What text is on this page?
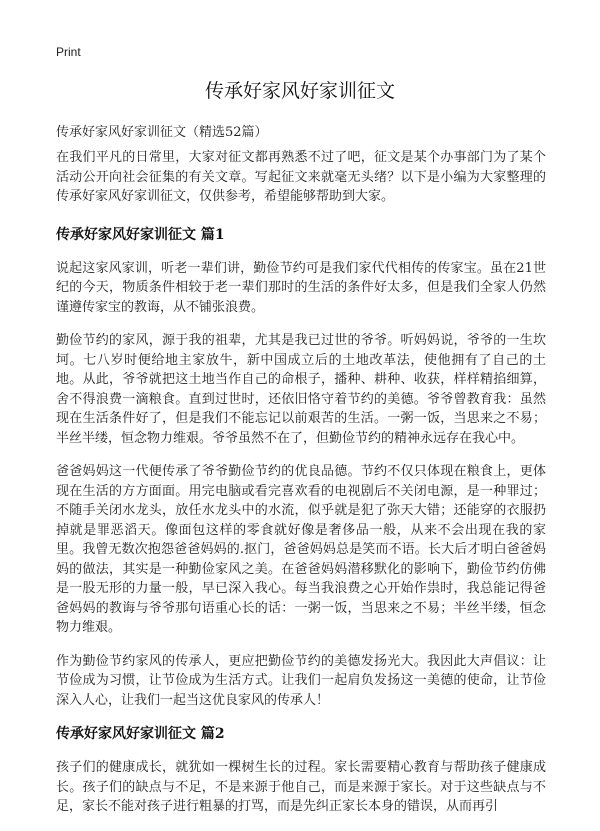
Print
传承好家风好家训征文

传承好家风好家训征文（精选52篇）

在我们平凡的日常里，大家对征文都再熟悉不过了吧，征文是某个办事部门为了某个活动公开向社会征集的有关文章。写起征文来就毫无头绪？以下是小编为大家整理的传承好家风好家训征文，仅供参考，希望能够帮助到大家。

传承好家风好家训征文 篇1

说起这家风家训，听老一辈们讲，勤俭节约可是我们家代代相传的传家宝。虽在21世纪的今天，物质条件相较于老一辈们那时的生活的条件好太多，但是我们全家人仍然谨遵传家宝的教诲，从不铺张浪费。

勤俭节约的家风，源于我的祖辈，尤其是我已过世的爷爷。听妈妈说，爷爷的一生坎坷。七八岁时便给地主家放牛，新中国成立后的土地改革法，使他拥有了自己的土地。从此，爷爷就把这土地当作自己的命根子，播种、耕种、收获，样样精掐细算，舍不得浪费一滴粮食。直到过世时，还依旧恪守着节约的美德。爷爷曾教育我：虽然现在生活条件好了，但是我们不能忘记以前艰苦的生活。一粥一饭，当思来之不易；半丝半缕，恒念物力维艰。爷爷虽然不在了，但勤俭节约的精神永远存在我心中。

爸爸妈妈这一代便传承了爷爷勤俭节约的优良品德。节约不仅只体现在粮食上，更体现在生活的方方面面。用完电脑或看完喜欢看的电视剧后不关闭电源，是一种罪过；不随手关闭水龙头，放任水龙头中的水流，似乎就是犯了弥天大错；还能穿的衣服扔掉就是罪恶滔天。像面包这样的零食就好像是奢侈品一般，从来不会出现在我的家里。我曾无数次抱怨爸爸妈妈的.抠门，爸爸妈妈总是笑而不语。长大后才明白爸爸妈妈的做法，其实是一种勤俭家风之美。在爸爸妈妈潜移默化的影响下，勤俭节约仿佛是一股无形的力量一般，早已深入我心。每当我浪费之心开始作祟时，我总能记得爸爸妈妈的教诲与爷爷那句语重心长的话：一粥一饭，当思来之不易；半丝半缕，恒念物力维艰。

作为勤俭节约家风的传承人，更应把勤俭节约的美德发扬光大。我因此大声倡议：让节俭成为习惯，让节俭成为生活方式。让我们一起肩负发扬这一美德的使命，让节俭深入人心，让我们一起当这优良家风的传承人！

传承好家风好家训征文 篇2

孩子们的健康成长，就犹如一棵树生长的过程。家长需要精心教育与帮助孩子健康成长。孩子们的缺点与不足，不是来源于他自己，而是来源于家长。对于这些缺点与不足，家长不能对孩子进行粗暴的打骂，而是先纠正家长本身的错误，从而再引
